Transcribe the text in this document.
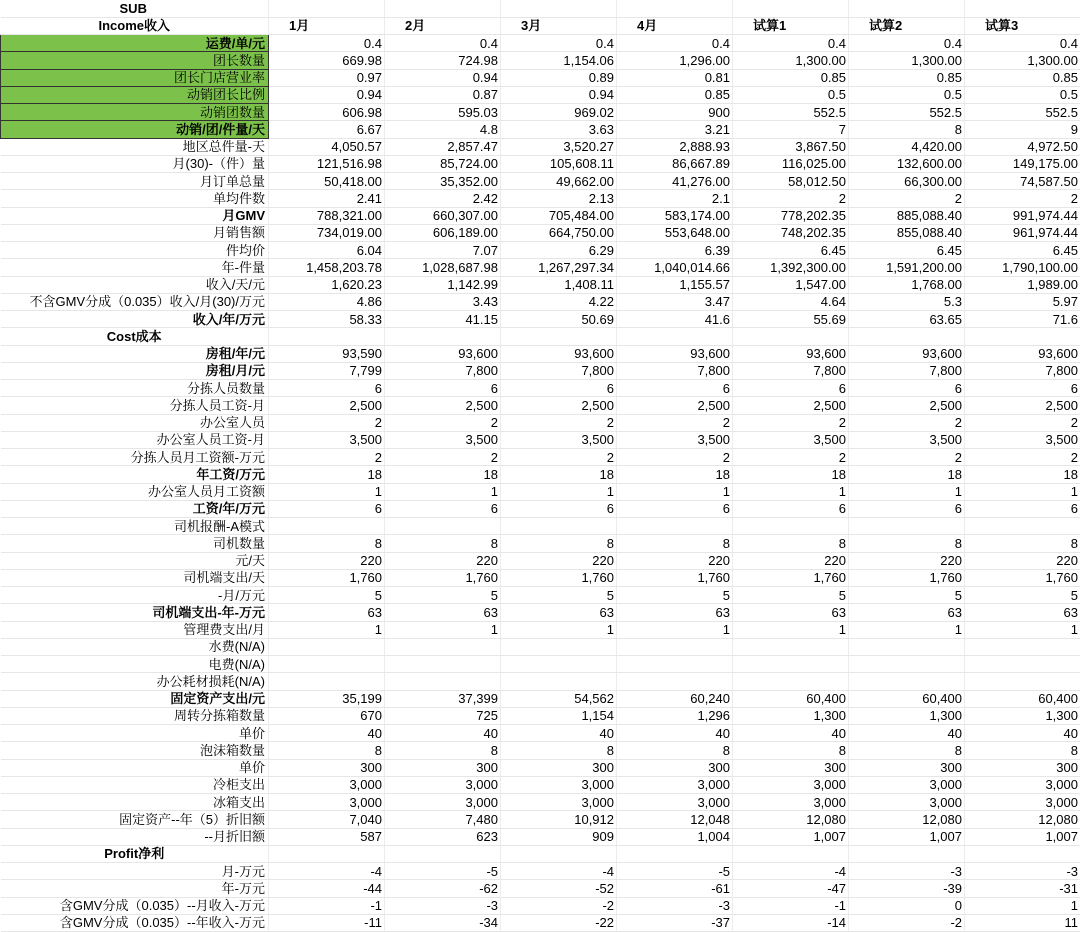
SUB							
Income收入	1月	2月	3月	4月	试算1	试算2	试算3
运费/单/元	0.4	0.4	0.4	0.4	0.4	0.4	0.4
团长数量	669.98	724.98	1,154.06	1,296.00	1,300.00	1,300.00	1,300.00
团长门店营业率	0.97	0.94	0.89	0.81	0.85	0.85	0.85
动销团长比例	0.94	0.87	0.94	0.85	0.5	0.5	0.5
动销团数量	606.98	595.03	969.02	900	552.5	552.5	552.5
动销/团/件量/天	6.67	4.8	3.63	3.21	7	8	9
地区总件量-天	4,050.57	2,857.47	3,520.27	2,888.93	3,867.50	4,420.00	4,972.50
月(30)-（件）量	121,516.98	85,724.00	105,608.11	86,667.89	116,025.00	132,600.00	149,175.00
月订单总量	50,418.00	35,352.00	49,662.00	41,276.00	58,012.50	66,300.00	74,587.50
单均件数	2.41	2.42	2.13	2.1	2	2	2
月GMV	788,321.00	660,307.00	705,484.00	583,174.00	778,202.35	885,088.40	991,974.44
月销售额	734,019.00	606,189.00	664,750.00	553,648.00	748,202.35	855,088.40	961,974.44
件均价	6.04	7.07	6.29	6.39	6.45	6.45	6.45
年-件量	1,458,203.78	1,028,687.98	1,267,297.34	1,040,014.66	1,392,300.00	1,591,200.00	1,790,100.00
收入/天/元	1,620.23	1,142.99	1,408.11	1,155.57	1,547.00	1,768.00	1,989.00
不含GMV分成（0.035）收入/月(30)/万元	4.86	3.43	4.22	3.47	4.64	5.3	5.97
收入/年/万元	58.33	41.15	50.69	41.6	55.69	63.65	71.6
Cost成本							
房租/年/元	93,590	93,600	93,600	93,600	93,600	93,600	93,600
房租/月/元	7,799	7,800	7,800	7,800	7,800	7,800	7,800
分拣人员数量	6	6	6	6	6	6	6
分拣人员工资-月	2,500	2,500	2,500	2,500	2,500	2,500	2,500
办公室人员	2	2	2	2	2	2	2
办公室人员工资-月	3,500	3,500	3,500	3,500	3,500	3,500	3,500
分拣人员月工资额-万元	2	2	2	2	2	2	2
年工资/万元	18	18	18	18	18	18	18
办公室人员月工资额	1	1	1	1	1	1	1
工资/年/万元	6	6	6	6	6	6	6
司机报酬-A模式							
司机数量	8	8	8	8	8	8	8
元/天	220	220	220	220	220	220	220
司机端支出/天	1,760	1,760	1,760	1,760	1,760	1,760	1,760
-月/万元	5	5	5	5	5	5	5
司机端支出-年-万元	63	63	63	63	63	63	63
管理费支出/月	1	1	1	1	1	1	1
水费(N/A)							
电费(N/A)							
办公耗材损耗(N/A)							
固定资产支出/元	35,199	37,399	54,562	60,240	60,400	60,400	60,400
周转分拣箱数量	670	725	1,154	1,296	1,300	1,300	1,300
单价	40	40	40	40	40	40	40
泡沫箱数量	8	8	8	8	8	8	8
单价	300	300	300	300	300	300	300
冷柜支出	3,000	3,000	3,000	3,000	3,000	3,000	3,000
冰箱支出	3,000	3,000	3,000	3,000	3,000	3,000	3,000
固定资产--年（5）折旧额	7,040	7,480	10,912	12,048	12,080	12,080	12,080
--月折旧额	587	623	909	1,004	1,007	1,007	1,007
Profit净利							
月-万元	-4	-5	-4	-5	-4	-3	-3
年-万元	-44	-62	-52	-61	-47	-39	-31
含GMV分成（0.035）--月收入-万元	-1	-3	-2	-3	-1	0	1
含GMV分成（0.035）--年收入-万元	-11	-34	-22	-37	-14	-2	11
